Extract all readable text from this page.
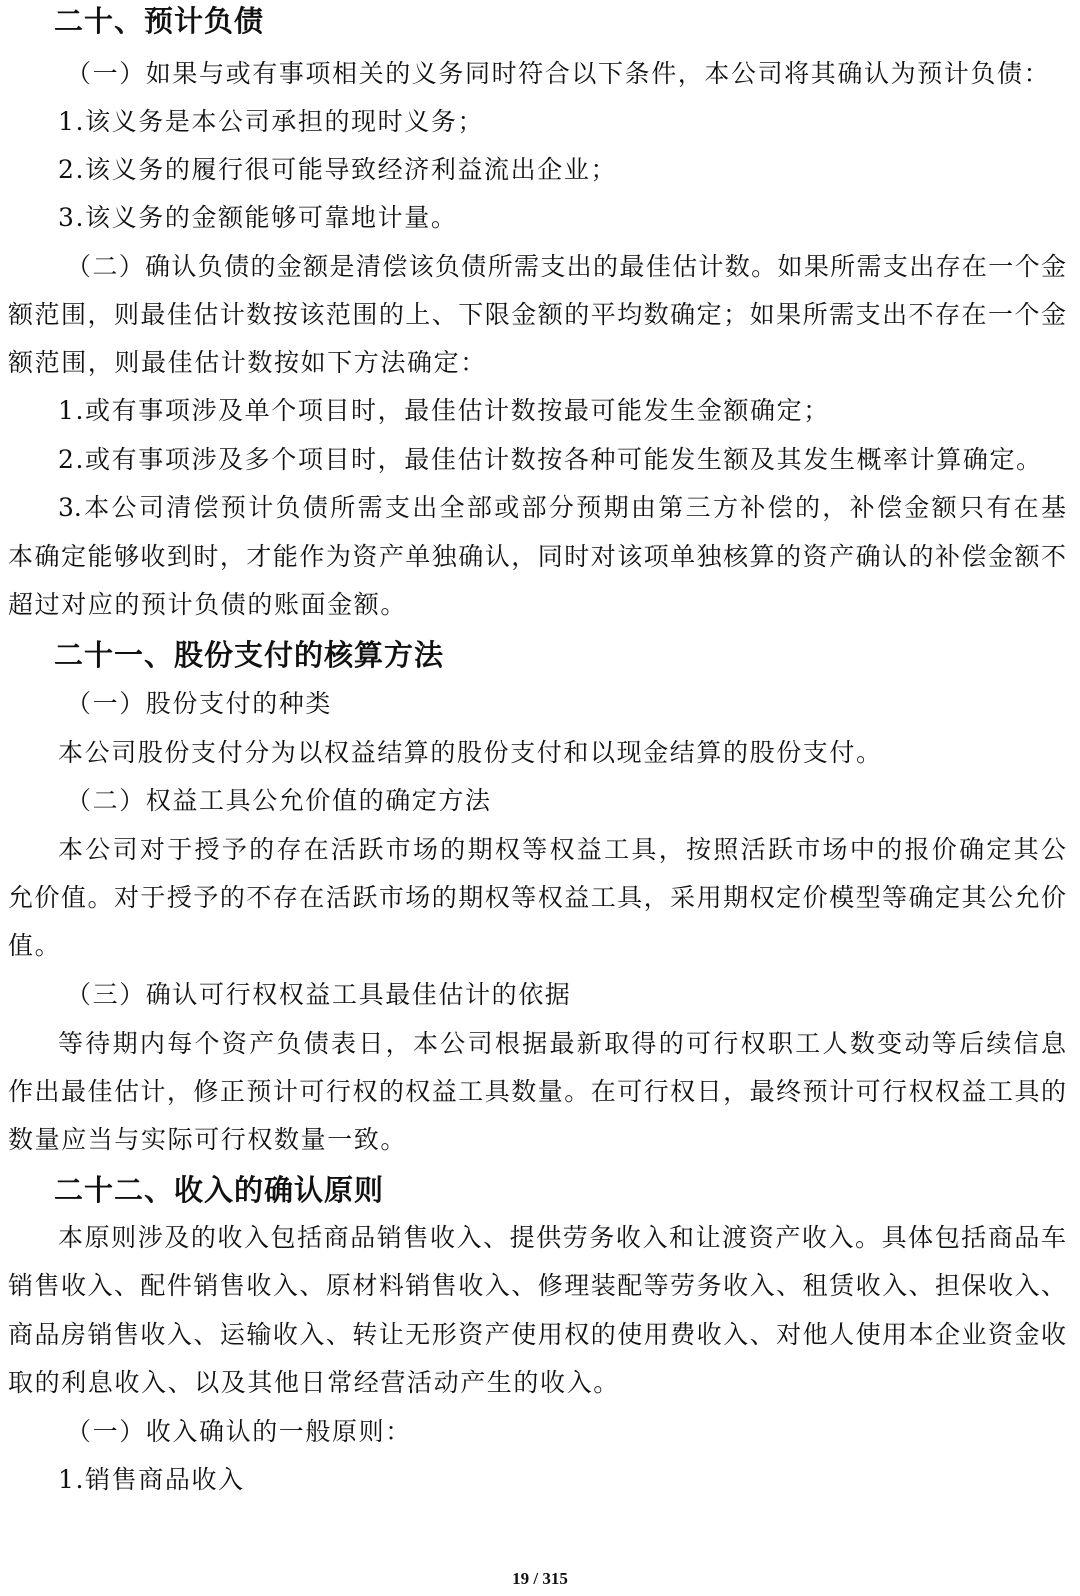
二十、预计负债
（一）如果与或有事项相关的义务同时符合以下条件，本公司将其确认为预计负债：
1.该义务是本公司承担的现时义务；
2.该义务的履行很可能导致经济利益流出企业；
3.该义务的金额能够可靠地计量。
（二）确认负债的金额是清偿该负债所需支出的最佳估计数。如果所需支出存在一个金
额范围，则最佳估计数按该范围的上、下限金额的平均数确定；如果所需支出不存在一个金
额范围，则最佳估计数按如下方法确定：
1.或有事项涉及单个项目时，最佳估计数按最可能发生金额确定；
2.或有事项涉及多个项目时，最佳估计数按各种可能发生额及其发生概率计算确定。
3.本公司清偿预计负债所需支出全部或部分预期由第三方补偿的，补偿金额只有在基
本确定能够收到时，才能作为资产单独确认，同时对该项单独核算的资产确认的补偿金额不
超过对应的预计负债的账面金额。
二十一、股份支付的核算方法
（一）股份支付的种类
本公司股份支付分为以权益结算的股份支付和以现金结算的股份支付。
（二）权益工具公允价值的确定方法
本公司对于授予的存在活跃市场的期权等权益工具，按照活跃市场中的报价确定其公
允价值。对于授予的不存在活跃市场的期权等权益工具，采用期权定价模型等确定其公允价
值。
（三）确认可行权权益工具最佳估计的依据
等待期内每个资产负债表日，本公司根据最新取得的可行权职工人数变动等后续信息
作出最佳估计，修正预计可行权的权益工具数量。在可行权日，最终预计可行权权益工具的
数量应当与实际可行权数量一致。
二十二、收入的确认原则
本原则涉及的收入包括商品销售收入、提供劳务收入和让渡资产收入。具体包括商品车
销售收入、配件销售收入、原材料销售收入、修理装配等劳务收入、租赁收入、担保收入、
商品房销售收入、运输收入、转让无形资产使用权的使用费收入、对他人使用本企业资金收
取的利息收入、以及其他日常经营活动产生的收入。
（一）收入确认的一般原则：
1.销售商品收入
19 / 315
